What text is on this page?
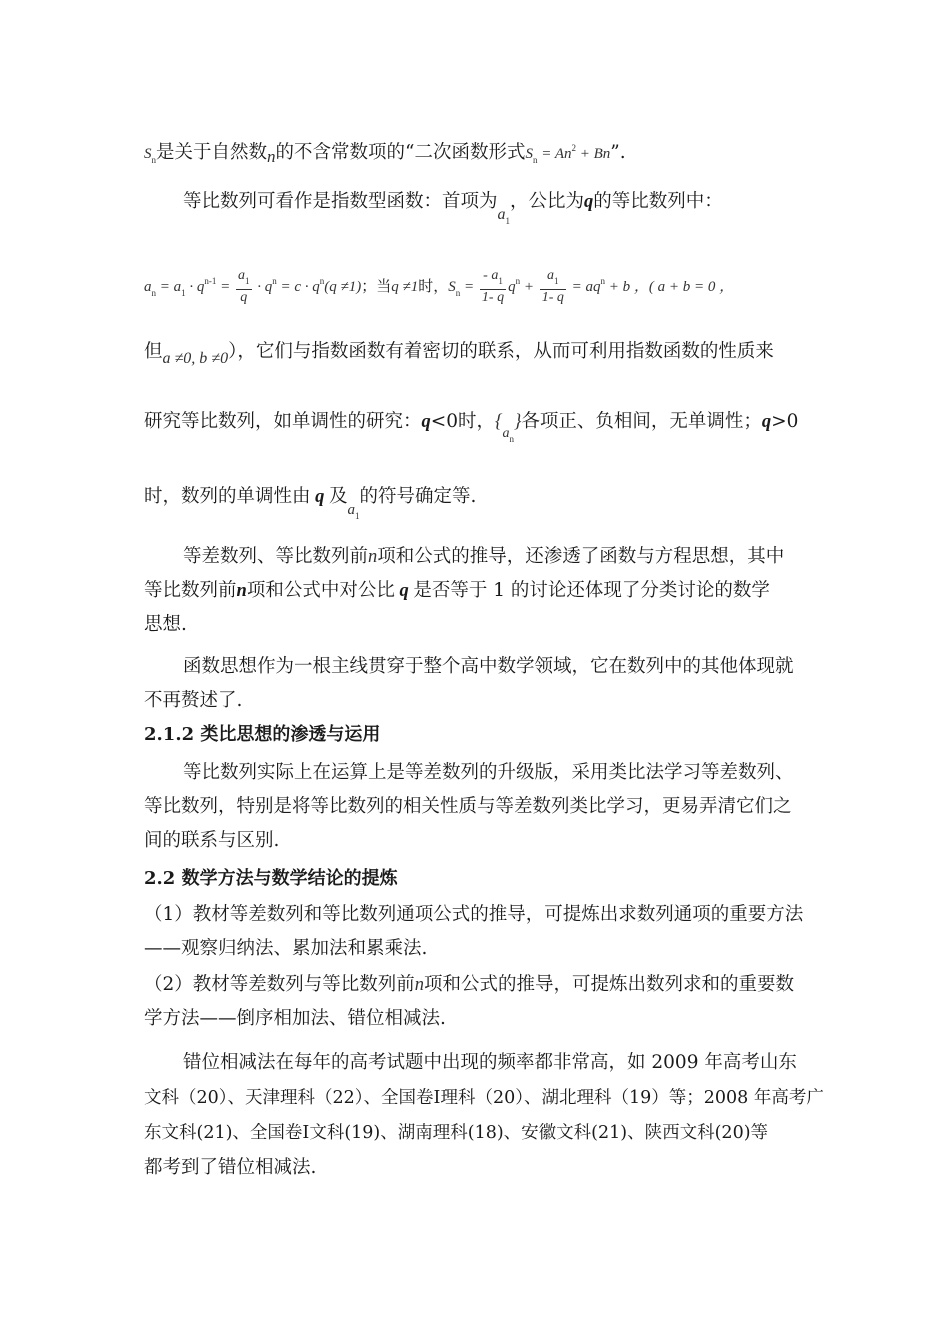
$S_n$是关于自然数n的不含常数项的“二次函数形式$S_n = An^2 + Bn$”.
等比数列可看作是指数型函数：首项为$a_1$，公比为q的等比数列中：
$a_n = a_1 \cdot q^{n-1} = \frac{a_1}{q} \cdot q^n = c \cdot q^n(q \ne 1)$；当q ≠1时，$S_n = \frac{- a_1}{1- q} q^n + \frac{a_1}{1- q} = aq^n + b$ ，( a + b = 0 ，
但a ≠0, b ≠0），它们与指数函数有着密切的联系，从而可利用指数函数的性质来
研究等比数列，如单调性的研究：q<0时，$\{_{a_n}\}$各项正、负相间，无单调性；q>0
时，数列的单调性由 q 及$_{a_1}$的符号确定等.
等差数列、等比数列前n项和公式的推导，还渗透了函数与方程思想，其中
等比数列前n项和公式中对公比 q 是否等于 1 的讨论还体现了分类讨论的数学
思想.
函数思想作为一根主线贯穿于整个高中数学领域，它在数列中的其他体现就
不再赘述了.
2.1.2 类比思想的渗透与运用
等比数列实际上在运算上是等差数列的升级版，采用类比法学习等差数列、
等比数列，特别是将等比数列的相关性质与等差数列类比学习，更易弄清它们之
间的联系与区别.
2.2 数学方法与数学结论的提炼
（1）教材等差数列和等比数列通项公式的推导，可提炼出求数列通项的重要方法
——观察归纳法、累加法和累乘法.
（2）教材等差数列与等比数列前n项和公式的推导，可提炼出数列求和的重要数
学方法——倒序相加法、错位相减法.
错位相减法在每年的高考试题中出现的频率都非常高，如 2009 年高考山东
文科（20）、天津理科（22）、全国卷Ⅰ理科（20）、湖北理科（19）等；2008 年高考广
东文科(21)、全国卷Ⅰ文科(19)、湖南理科(18)、安徽文科(21)、陕西文科(20)等
都考到了错位相减法.
